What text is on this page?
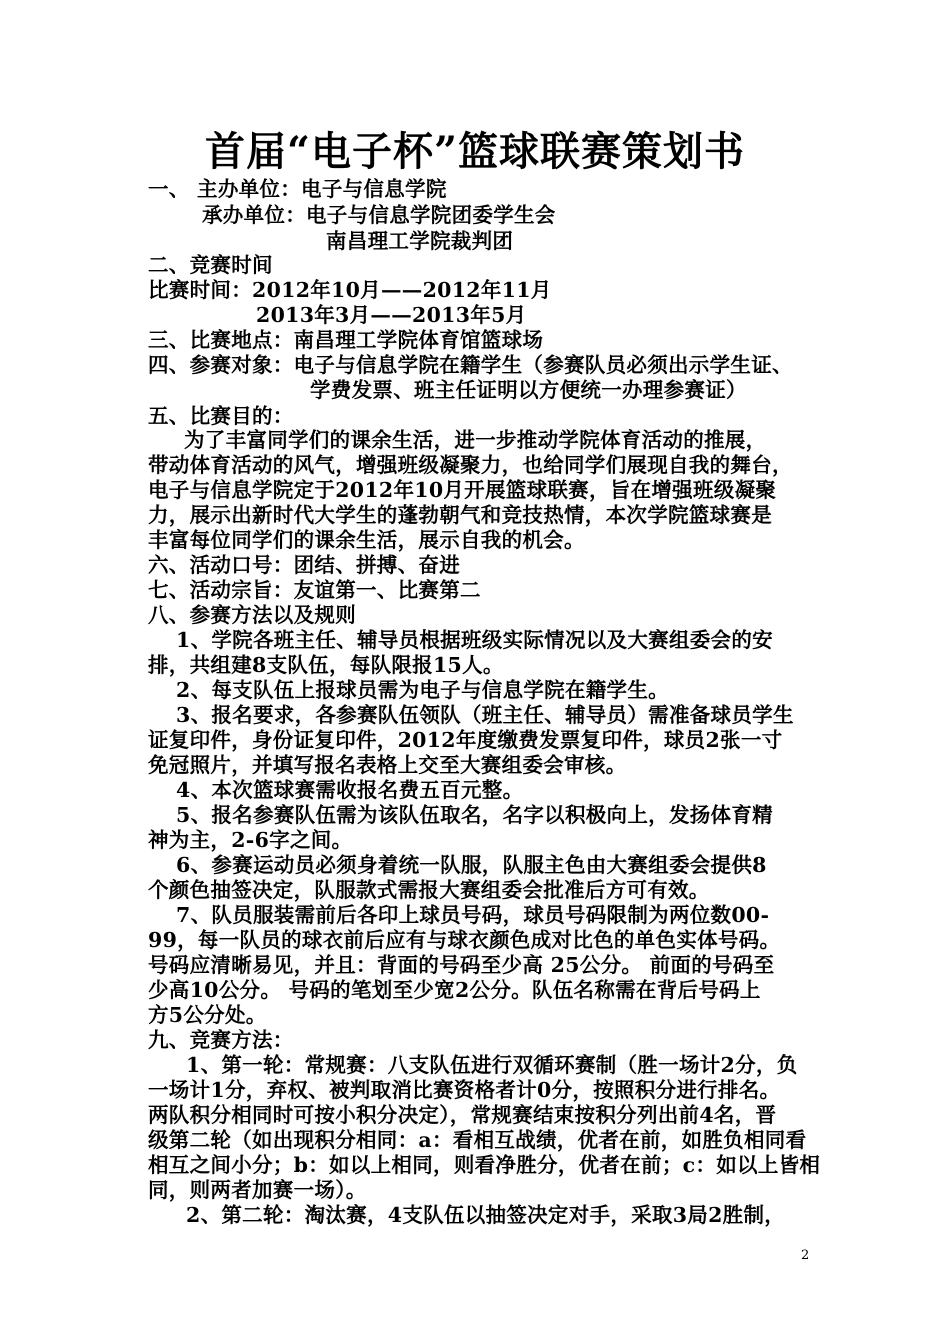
首届“电子杯”篮球联赛策划书
一、 主办单位：电子与信息学院
承办单位：电子与信息学院团委学生会
南昌理工学院裁判团
二、竞赛时间
比赛时间：2012年10月——2012年11月
2013年3月——2013年5月
三、比赛地点：南昌理工学院体育馆篮球场
四、参赛对象：电子与信息学院在籍学生（参赛队员必须出示学生证、
学费发票、班主任证明以方便统一办理参赛证）
五、比赛目的：
为了丰富同学们的课余生活，进一步推动学院体育活动的推展，
带动体育活动的风气，增强班级凝聚力，也给同学们展现自我的舞台，
电子与信息学院定于2012年10月开展篮球联赛，旨在增强班级凝聚
力，展示出新时代大学生的蓬勃朝气和竞技热情，本次学院篮球赛是
丰富每位同学们的课余生活，展示自我的机会。
六、活动口号：团结、拼搏、奋进
七、活动宗旨：友谊第一、比赛第二
八、参赛方法以及规则
1、学院各班主任、辅导员根据班级实际情况以及大赛组委会的安
排，共组建8支队伍，每队限报15人。
2、每支队伍上报球员需为电子与信息学院在籍学生。
3、报名要求，各参赛队伍领队（班主任、辅导员）需准备球员学生
证复印件，身份证复印件，2012年度缴费发票复印件，球员2张一寸
免冠照片，并填写报名表格上交至大赛组委会审核。
4、本次篮球赛需收报名费五百元整。
5、报名参赛队伍需为该队伍取名，名字以积极向上，发扬体育精
神为主，2-6字之间。
6、参赛运动员必须身着统一队服，队服主色由大赛组委会提供8
个颜色抽签决定，队服款式需报大赛组委会批准后方可有效。
7、队员服装需前后各印上球员号码，球员号码限制为两位数00-
99，每一队员的球衣前后应有与球衣颜色成对比色的单色实体号码。
号码应清晰易见，并且：背面的号码至少高 25公分。 前面的号码至
少高10公分。 号码的笔划至少宽2公分。队伍名称需在背后号码上
方5公分处。
九、竞赛方法：
1、第一轮：常规赛：八支队伍进行双循环赛制（胜一场计2分，负
一场计1分，弃权、被判取消比赛资格者计0分，按照积分进行排名。
两队积分相同时可按小积分决定），常规赛结束按积分列出前4名，晋
级第二轮（如出现积分相同：a：看相互战绩，优者在前，如胜负相同看
相互之间小分；b：如以上相同，则看净胜分，优者在前；c：如以上皆相
同，则两者加赛一场）。
2、第二轮：淘汰赛，4支队伍以抽签决定对手，采取3局2胜制，
2
